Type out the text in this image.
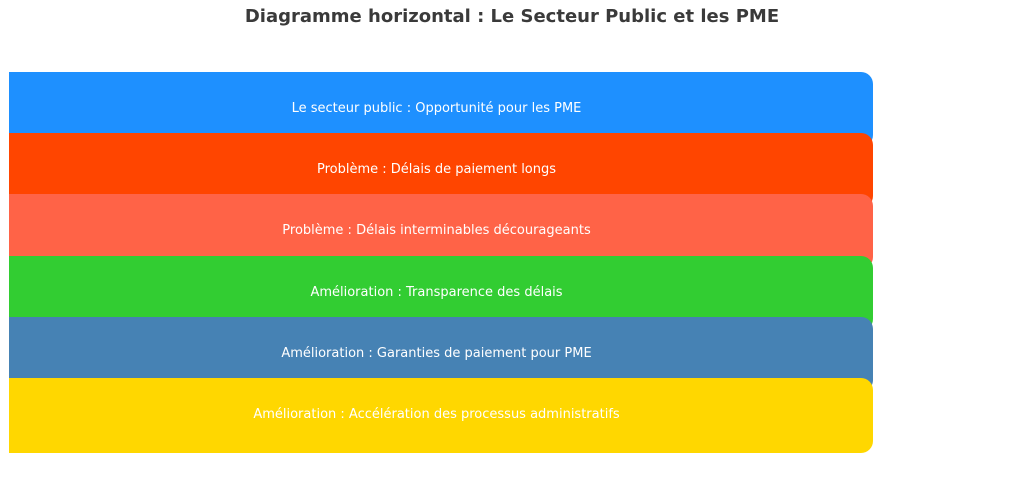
Diagramme horizontal : Le Secteur Public et les PME
Le secteur public : Opportunité pour les PME
Problème : Délais de paiement longs
Problème : Délais interminables décourageants
Amélioration : Transparence des délais
Amélioration : Garanties de paiement pour PME
Amélioration : Accélération des processus administratifs
